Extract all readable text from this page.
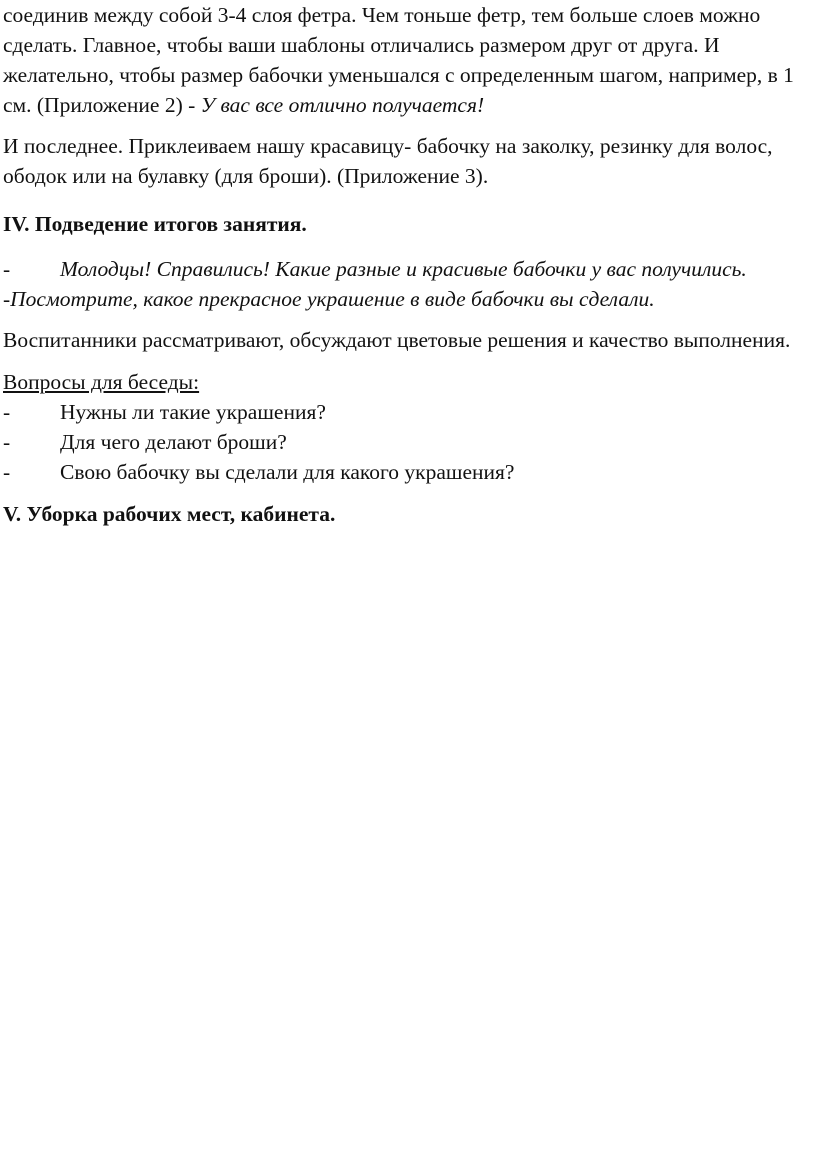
соединив между собой 3-4 слоя фетра. Чем тоньше фетр, тем больше слоев можно сделать. Главное, чтобы ваши шаблоны отличались размером друг от друга. И желательно, чтобы размер бабочки уменьшался с определенным шагом, например, в 1 см. (Приложение 2) - У вас все отлично получается!

И последнее. Приклеиваем нашу красавицу- бабочку на заколку, резинку для волос, ободок или на булавку (для броши). (Приложение 3).

IV. Подведение итогов занятия.

- Молодцы! Справились! Какие разные и красивые бабочки у вас получились. -Посмотрите, какое прекрасное украшение в виде бабочки вы сделали.

Воспитанники рассматривают, обсуждают цветовые решения и качество выполнения.

Вопросы для беседы:

-	Нужны ли такие украшения?
-	Для чего делают броши?
-	Свою бабочку вы сделали для какого украшения?

V. Уборка рабочих мест, кабинета.
